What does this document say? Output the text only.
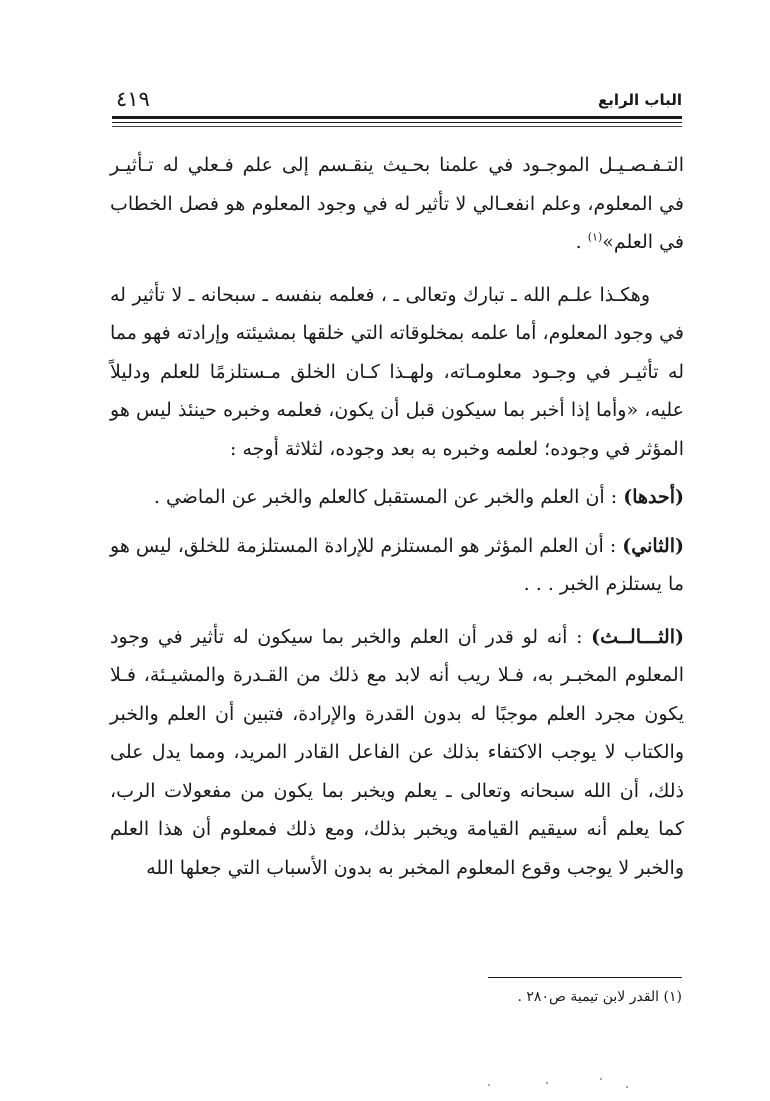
٤١٩	الباب الرابع

التـفـصـيـل الموجـود في علمنا بحـيث ينقـسم إلى علم فـعلي له تـأثيـر في المعلوم، وعلم انفعـالي لا تأثير له في وجود المعلوم هو فصل الخطاب في العلم»$^{(١)}$ .

وهكـذا علـم الله ـ تبارك وتعالى ـ ، فعلمه بنفسه ـ سبحانه ـ لا تأثير له في وجود المعلوم، أما علمه بمخلوقاته التي خلقها بمشيئته وإرادته فهو مما له تأثيـر في وجـود معلومـاته، ولهـذا كـان الخلق مـستلزمًا للعلم ودليلاً عليه، «وأما إذا أخبر بما سيكون قبل أن يكون، فعلمه وخبره حينئذ ليس هو المؤثر في وجوده؛ لعلمه وخبره به بعد وجوده، لثلاثة أوجه :

(أحدها) : أن العلم والخبر عن المستقبل كالعلم والخبر عن الماضي .

(الثاني) : أن العلم المؤثر هو المستلزم للإرادة المستلزمة للخلق، ليس هو ما يستلزم الخبر . . .

(الثـــالــث) : أنه لو قدر أن العلم والخبر بما سيكون له تأثير في وجود المعلوم المخبـر به، فـلا ريب أنه لابد مع ذلك من القـدرة والمشيـئة، فـلا يكون مجرد العلم موجبًا له بدون القدرة والإرادة، فتبين أن العلم والخبر والكتاب لا يوجب الاكتفاء بذلك عن الفاعل القادر المريد، ومما يدل على ذلك، أن الله سبحانه وتعالى ـ يعلم ويخبر بما يكون من مفعولات الرب، كما يعلم أنه سيقيم القيامة ويخبر بذلك، ومع ذلك فمعلوم أن هذا العلم والخبر لا يوجب وقوع المعلوم المخبر به بدون الأسباب التي جعلها الله

(١) القدر لابن تيمية ص٢٨٠ .
